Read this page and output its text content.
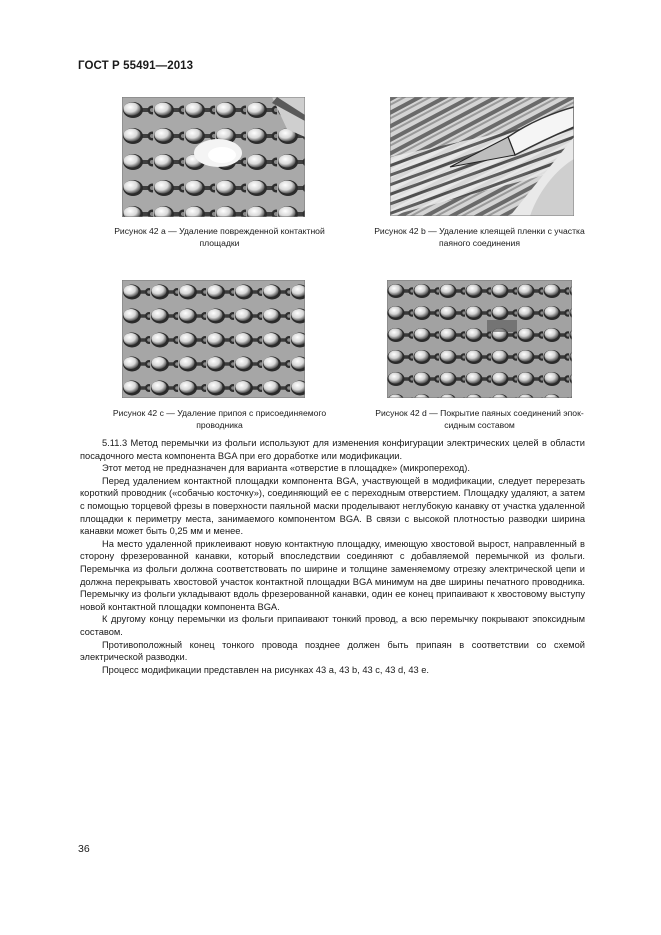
ГОСТ Р 55491—2013
Рисунок 42 а — Удаление поврежденной контактной
площадки
Рисунок 42 b — Удаление клеящей пленки с участка
паяного соединения
Рисунок 42 с — Удаление припоя с присоединяемого
проводника
Рисунок 42 d — Покрытие паяных соединений эпок-
сидным составом

5.11.3 Метод перемычки из фольги используют для изменения конфигурации электрических целей в области посадочного места компонента BGA при его доработке или модификации.

Этот метод не предназначен для варианта «отверстие в площадке» (микропереход).

Перед удалением контактной площадки компонента BGA, участвующей в модификации, следует перерезать короткий проводник («собачью косточку»), соединяющий ее с переходным отверстием. Площадку удаляют, а затем с помощью торцевой фрезы в поверхности паяльной маски проделывают неглубокую канавку от участка удаленной площадки к периметру места, занимаемого компонентом BGA. В связи с высокой плотностью разводки ширина канавки может быть 0,25 мм и менее.

На место удаленной приклеивают новую контактную площадку, имеющую хвостовой вырост, направленный в сторону фрезерованной канавки, который впоследствии соединяют с добавляемой перемычкой из фольги. Перемычка из фольги должна соответствовать по ширине и толщине заменяемому отрезку электрической цепи и должна перекрывать хвостовой участок контактной площадки BGA минимум на две ширины печатного проводника. Перемычку из фольги укладывают вдоль фрезерованной канавки, один ее конец припаивают к хвостовому выступу новой контактной площадки компонента BGA.

К другому концу перемычки из фольги припаивают тонкий провод, а всю перемычку покрывают эпоксидным составом.

Противоположный конец тонкого провода позднее должен быть припаян в соответствии со схемой электрической разводки.

Процесс модификации представлен на рисунках 43 а, 43 b, 43 с, 43 d, 43 е.

36
